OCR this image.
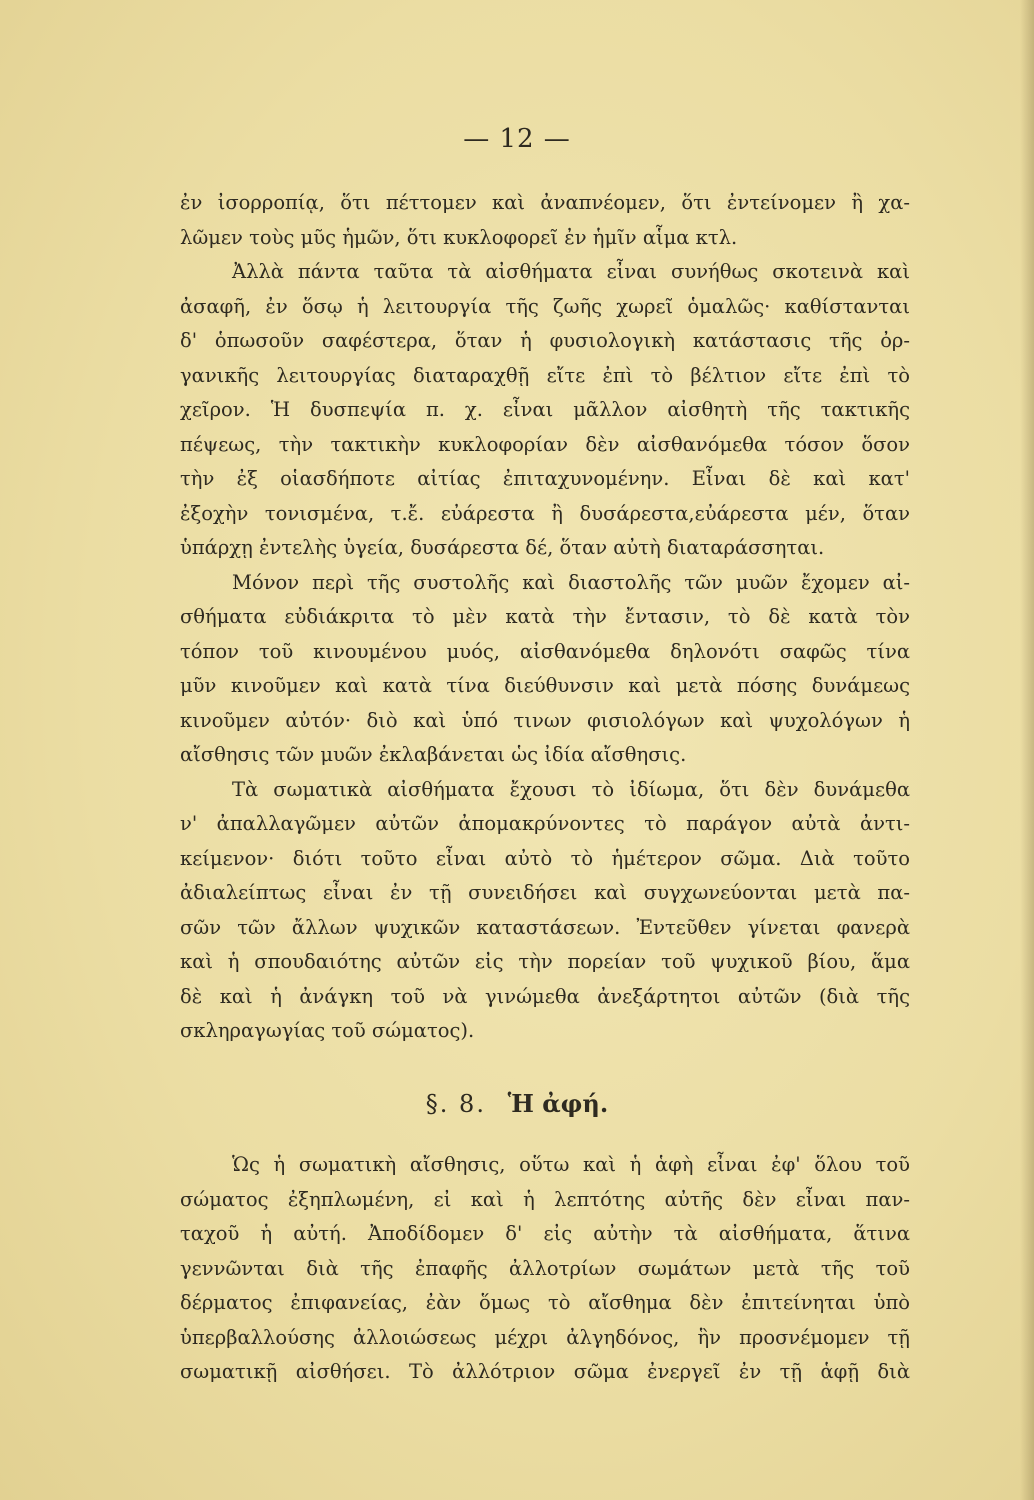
— 12 —
ἐν ἰσορροπίᾳ, ὅτι πέττομεν καὶ ἀναπνέομεν, ὅτι ἐντείνομεν ἢ χα-
λῶμεν τοὺς μῦς ἡμῶν, ὅτι κυκλοφορεῖ ἐν ἡμῖν αἷμα κτλ.
Ἀλλὰ πάντα ταῦτα τὰ αἰσθήματα εἶναι συνήθως σκοτεινὰ καὶ
ἀσαφῆ, ἐν ὅσῳ ἡ λειτουργία τῆς ζωῆς χωρεῖ ὁμαλῶς· καθίστανται
δ' ὁπωσοῦν σαφέστερα, ὅταν ἡ φυσιολογικὴ κατάστασις τῆς ὀρ-
γανικῆς λειτουργίας διαταραχθῇ εἴτε ἐπὶ τὸ βέλτιον εἴτε ἐπὶ τὸ
χεῖρον. Ἡ δυσπεψία π. χ. εἶναι μᾶλλον αἰσθητὴ τῆς τακτικῆς
πέψεως, τὴν τακτικὴν κυκλοφορίαν δὲν αἰσθανόμεθα τόσον ὅσον
τὴν ἐξ οἱασδήποτε αἰτίας ἐπιταχυνομένην. Εἶναι δὲ καὶ κατ'
ἐξοχὴν τονισμένα, τ.ἔ. εὐάρεστα ἢ δυσάρεστα,εὐάρεστα μέν, ὅταν
ὑπάρχῃ ἐντελὴς ὑγεία, δυσάρεστα δέ, ὅταν αὐτὴ διαταράσσηται.
Μόνον περὶ τῆς συστολῆς καὶ διαστολῆς τῶν μυῶν ἔχομεν αἰ-
σθήματα εὐδιάκριτα τὸ μὲν κατὰ τὴν ἔντασιν, τὸ δὲ κατὰ τὸν
τόπον τοῦ κινουμένου μυός, αἰσθανόμεθα δηλονότι σαφῶς τίνα
μῦν κινοῦμεν καὶ κατὰ τίνα διεύθυνσιν καὶ μετὰ πόσης δυνάμεως
κινοῦμεν αὐτόν· διὸ καὶ ὑπό τινων φισιολόγων καὶ ψυχολόγων ἡ
αἴσθησις τῶν μυῶν ἐκλαβάνεται ὡς ἰδία αἴσθησις.
Τὰ σωματικὰ αἰσθήματα ἔχουσι τὸ ἰδίωμα, ὅτι δὲν δυνάμεθα
ν' ἀπαλλαγῶμεν αὐτῶν ἀπομακρύνοντες τὸ παράγον αὐτὰ ἀντι-
κείμενον· διότι τοῦτο εἶναι αὐτὸ τὸ ἡμέτερον σῶμα. Διὰ τοῦτο
ἀδιαλείπτως εἶναι ἐν τῇ συνειδήσει καὶ συγχωνεύονται μετὰ πα-
σῶν τῶν ἄλλων ψυχικῶν καταστάσεων. Ἐντεῦθεν γίνεται φανερὰ
καὶ ἡ σπουδαιότης αὐτῶν εἰς τὴν πορείαν τοῦ ψυχικοῦ βίου, ἅμα
δὲ καὶ ἡ ἀνάγκη τοῦ νὰ γινώμεθα ἀνεξάρτητοι αὐτῶν (διὰ τῆς
σκληραγωγίας τοῦ σώματος).
§. 8. Ἡ ἀφή.
Ὡς ἡ σωματικὴ αἴσθησις, οὕτω καὶ ἡ ἁφὴ εἶναι ἐφ' ὅλου τοῦ
σώματος ἐξηπλωμένη, εἰ καὶ ἡ λεπτότης αὐτῆς δὲν εἶναι παν-
ταχοῦ ἡ αὐτή. Ἀποδίδομεν δ' εἰς αὐτὴν τὰ αἰσθήματα, ἅτινα
γεννῶνται διὰ τῆς ἐπαφῆς ἀλλοτρίων σωμάτων μετὰ τῆς τοῦ
δέρματος ἐπιφανείας, ἐὰν ὅμως τὸ αἴσθημα δὲν ἐπιτείνηται ὑπὸ
ὑπερβαλλούσης ἀλλοιώσεως μέχρι ἀλγηδόνος, ἣν προσνέμομεν τῇ
σωματικῇ αἰσθήσει. Τὸ ἀλλότριον σῶμα ἐνεργεῖ ἐν τῇ ἁφῇ διὰ
